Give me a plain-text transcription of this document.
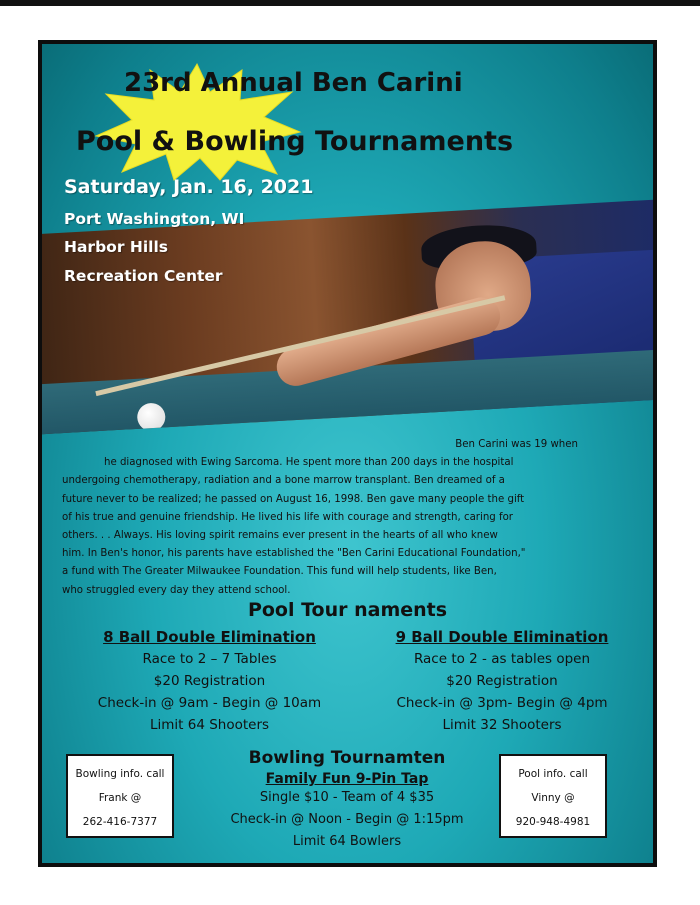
23rd Annual Ben Carini
Pool & Bowling Tournaments
Saturday, Jan. 16, 2021
Port Washington, WI
Harbor Hills
Recreation Center
Ben Carini was 19 when
he diagnosed with Ewing Sarcoma. He spent more than 200 days in the hospital
undergoing chemotherapy, radiation and a bone marrow transplant. Ben dreamed of a
future never to be realized; he passed on August 16, 1998. Ben gave many people the gift
of his true and genuine friendship. He lived his life with courage and strength, caring for
others. . . Always. His loving spirit remains ever present in the hearts of all who knew
him. In Ben's honor, his parents have established the "Ben Carini Educational Foundation,"
a fund with The Greater Milwaukee Foundation. This fund will help students, like Ben,
who struggled every day they attend school.
Pool Tour naments
8 Ball Double Elimination
Race to 2 – 7 Tables
$20 Registration
Check-in @ 9am - Begin @ 10am
Limit 64 Shooters
9 Ball Double Elimination
Race to 2 - as tables open
$20 Registration
Check-in @ 3pm- Begin @ 4pm
Limit 32 Shooters
Bowling info. call
Frank @
262-416-7377
Bowling Tournamten
Family Fun 9-Pin Tap
Single $10 - Team of 4 $35
Check-in @ Noon - Begin @ 1:15pm
Limit 64 Bowlers
Pool info. call
Vinny @
920-948-4981
